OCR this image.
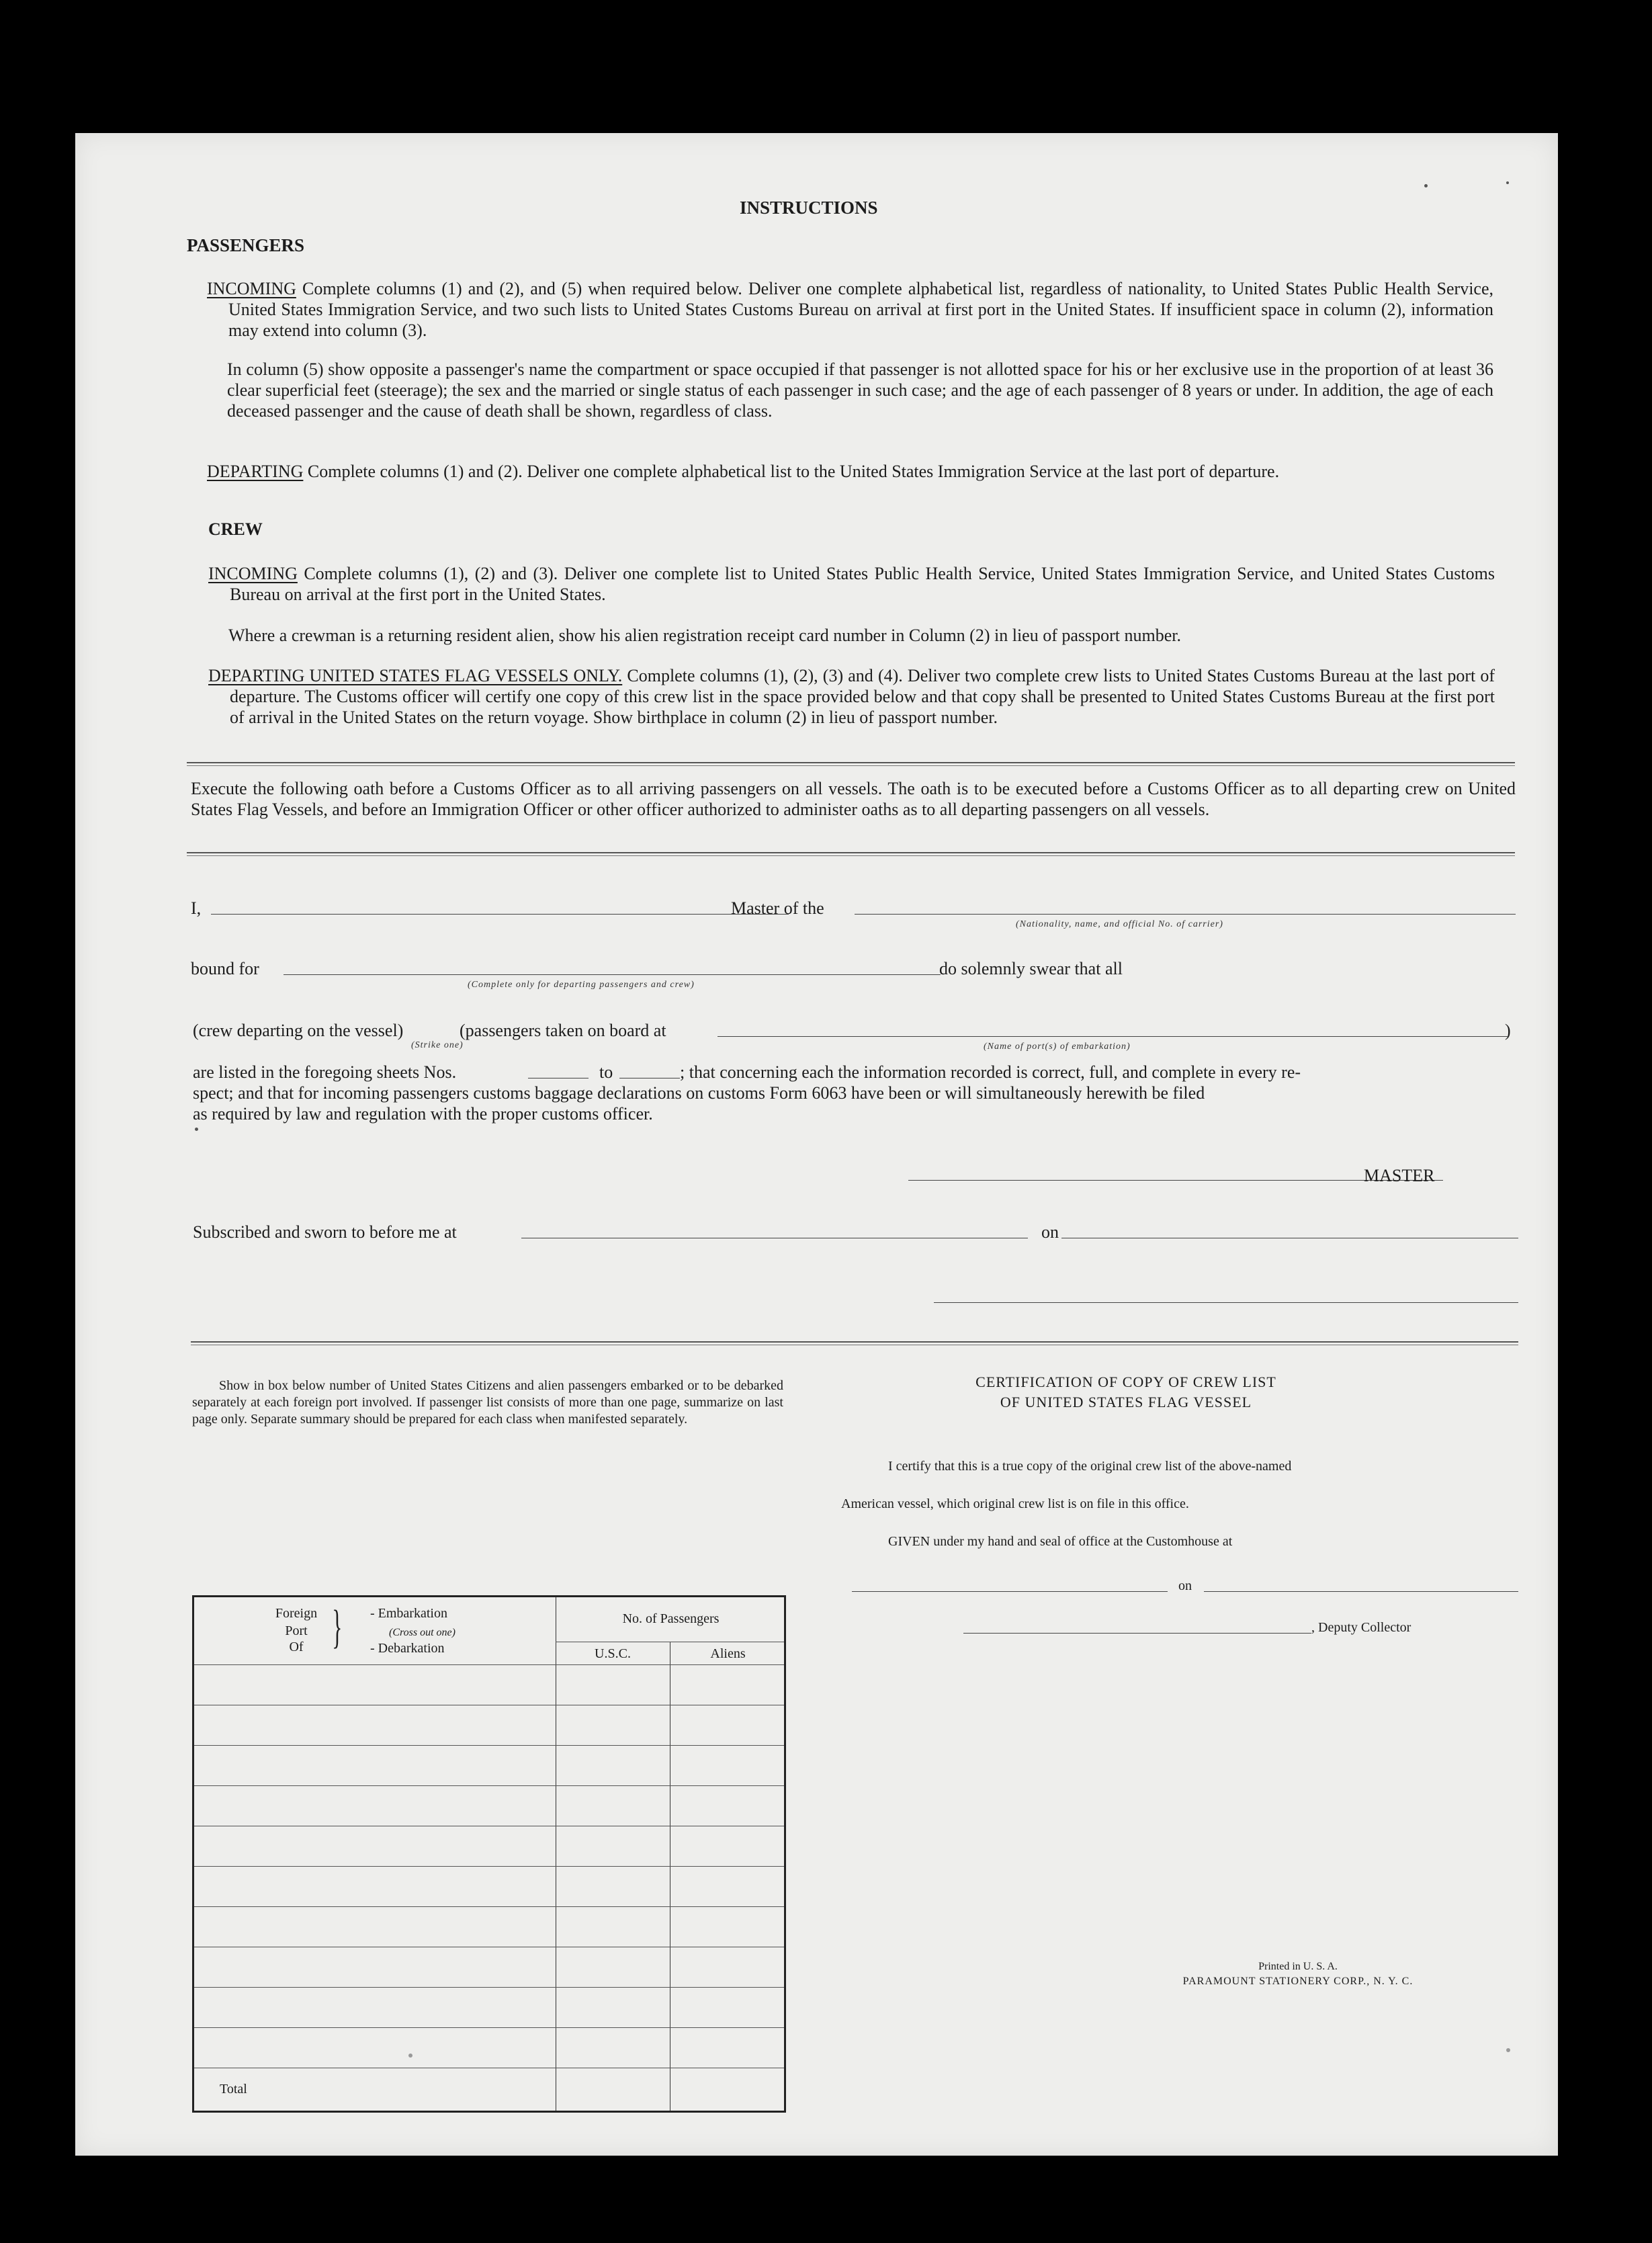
INSTRUCTIONS
PASSENGERS
INCOMING Complete columns (1) and (2), and (5) when required below. Deliver one complete alphabetical list, regardless of nationality, to United States Public Health Service, United States Immigration Service, and two such lists to United States Customs Bureau on arrival at first port in the United States. If insufficient space in column (2), information may extend into column (3).
In column (5) show opposite a passenger's name the compartment or space occupied if that passenger is not allotted space for his or her exclusive use in the proportion of at least 36 clear superficial feet (steerage); the sex and the married or single status of each passenger in such case; and the age of each passenger of 8 years or under. In addition, the age of each deceased passenger and the cause of death shall be shown, regardless of class.
DEPARTING Complete columns (1) and (2). Deliver one complete alphabetical list to the United States Immigration Service at the last port of departure.
CREW
INCOMING Complete columns (1), (2) and (3). Deliver one complete list to United States Public Health Service, United States Immigration Service, and United States Customs Bureau on arrival at the first port in the United States.
Where a crewman is a returning resident alien, show his alien registration receipt card number in Column (2) in lieu of passport number.
DEPARTING UNITED STATES FLAG VESSELS ONLY. Complete columns (1), (2), (3) and (4). Deliver two complete crew lists to United States Customs Bureau at the last port of departure. The Customs officer will certify one copy of this crew list in the space provided below and that copy shall be presented to United States Customs Bureau at the first port of arrival in the United States on the return voyage. Show birthplace in column (2) in lieu of passport number.
Execute the following oath before a Customs Officer as to all arriving passengers on all vessels. The oath is to be executed before a Customs Officer as to all departing crew on United States Flag Vessels, and before an Immigration Officer or other officer authorized to administer oaths as to all departing passengers on all vessels.
I,	Master of the
(Nationality, name, and official No. of carrier)
bound for
(Complete only for departing passengers and crew)
do solemnly swear that all
(crew departing on the vessel)	(passengers taken on board at	)
(Strike one)	(Name of port(s) of embarkation)
are listed in the foregoing sheets Nos.	to	; that concerning each the information recorded is correct, full, and complete in every re-
spect; and that for incoming passengers customs baggage declarations on customs Form 6063 have been or will simultaneously herewith be filed
as required by law and regulation with the proper customs officer.
MASTER
Subscribed and sworn to before me at	on
Show in box below number of United States Citizens and alien passengers embarked or to be debarked separately at each foreign port involved. If passenger list consists of more than one page, summarize on last page only. Separate summary should be prepared for each class when manifested separately.
Foreign
Port
Of } - Embarkation
(Cross out one)
- Debarkation
No. of Passengers
U.S.C.	Aliens
Total
CERTIFICATION OF COPY OF CREW LIST
OF UNITED STATES FLAG VESSEL
I certify that this is a true copy of the original crew list of the above-named
American vessel, which original crew list is on file in this office.
GIVEN under my hand and seal of office at the Customhouse at
on
, Deputy Collector
Printed in U. S. A.
PARAMOUNT STATIONERY CORP., N. Y. C.
